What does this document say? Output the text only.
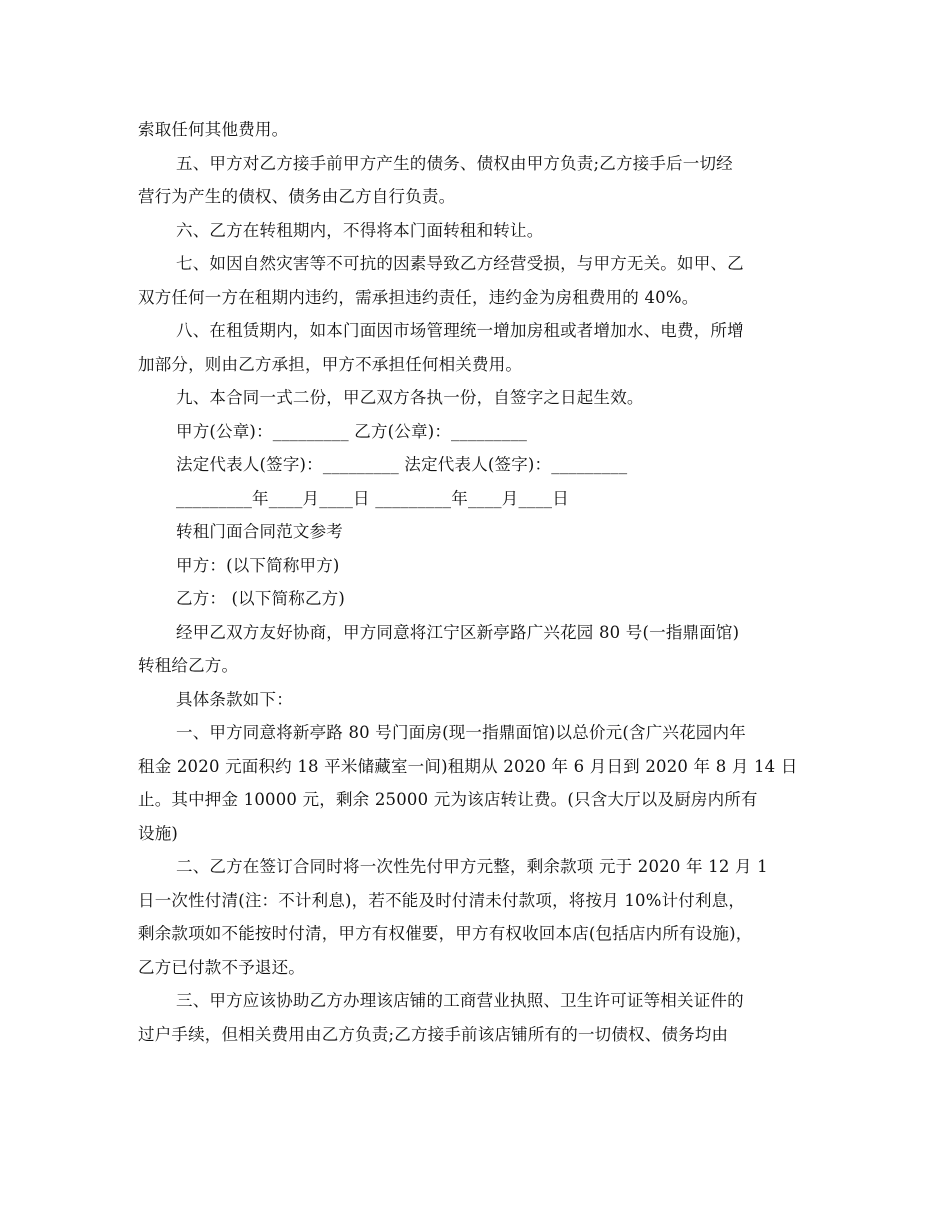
索取任何其他费用。
五、甲方对乙方接手前甲方产生的债务、债权由甲方负责;乙方接手后一切经
营行为产生的债权、债务由乙方自行负责。
六、乙方在转租期内，不得将本门面转租和转让。
七、如因自然灾害等不可抗的因素导致乙方经营受损，与甲方无关。如甲、乙
双方任何一方在租期内违约，需承担违约责任，违约金为房租费用的 40%。
八、在租赁期内，如本门面因市场管理统一增加房租或者增加水、电费，所增
加部分，则由乙方承担，甲方不承担任何相关费用。
九、本合同一式二份，甲乙双方各执一份，自签字之日起生效。
甲方(公章)：_________ 乙方(公章)：_________
法定代表人(签字)：_________ 法定代表人(签字)：_________
_________年____月____日 _________年____月____日
转租门面合同范文参考
甲方：(以下简称甲方)
乙方： (以下简称乙方)
经甲乙双方友好协商，甲方同意将江宁区新亭路广兴花园 80 号(一指鼎面馆)
转租给乙方。
具体条款如下：
一、甲方同意将新亭路 80 号门面房(现一指鼎面馆)以总价元(含广兴花园内年
租金 2020 元面积约 18 平米储藏室一间)租期从 2020 年 6 月日到 2020 年 8 月 14 日
止。其中押金 10000 元，剩余 25000 元为该店转让费。(只含大厅以及厨房内所有
设施)
二、乙方在签订合同时将一次性先付甲方元整，剩余款项 元于 2020 年 12 月 1
日一次性付清(注：不计利息)，若不能及时付清未付款项，将按月 10%计付利息，
剩余款项如不能按时付清，甲方有权催要，甲方有权收回本店(包括店内所有设施)，
乙方已付款不予退还。
三、甲方应该协助乙方办理该店铺的工商营业执照、卫生许可证等相关证件的
过户手续，但相关费用由乙方负责;乙方接手前该店铺所有的一切债权、债务均由
